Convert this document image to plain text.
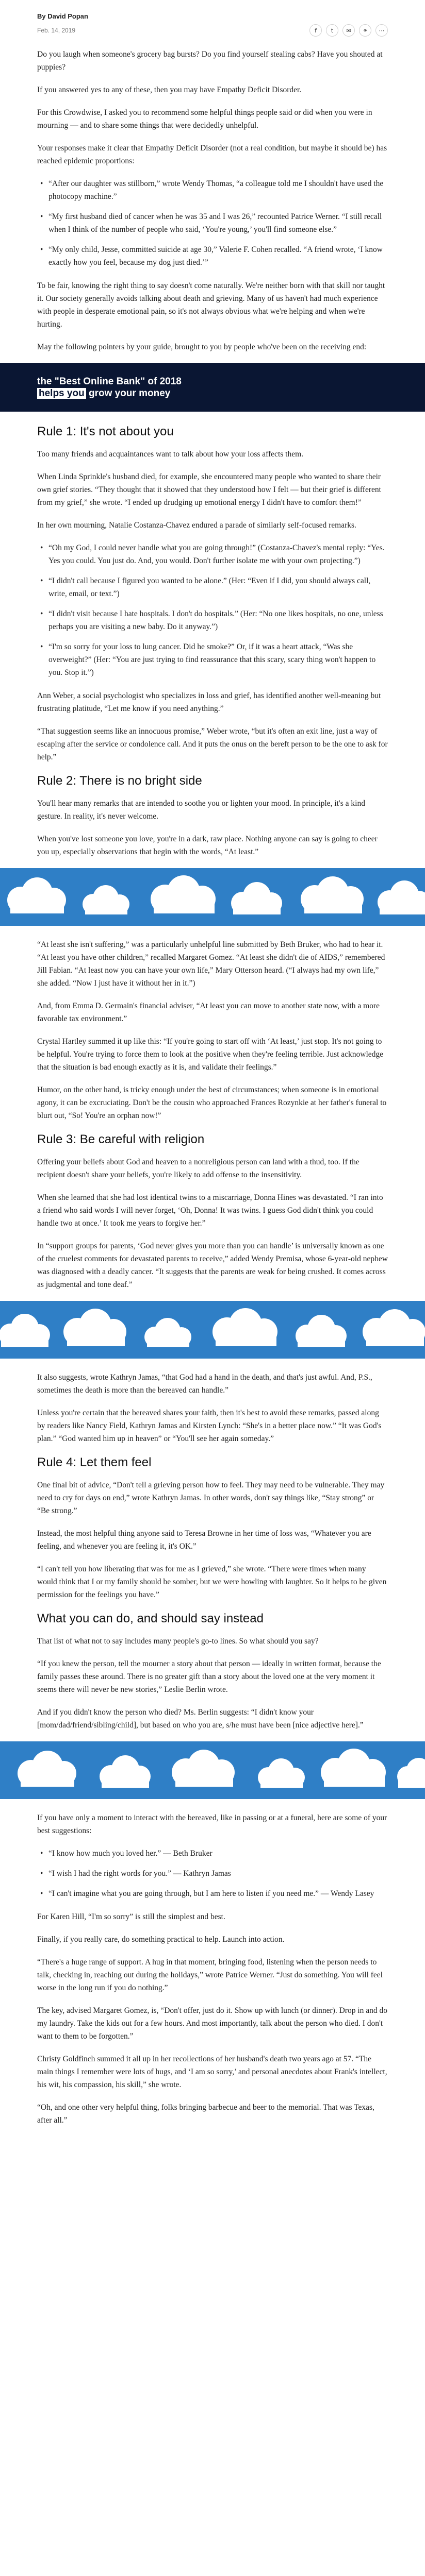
By David Popan
Feb. 14, 2019	f	t	✉	⚭	⋯

Do you laugh when someone's grocery bag bursts? Do you find yourself stealing cabs? Have you shouted at puppies?

If you answered yes to any of these, then you may have Empathy Deficit Disorder.

For this Crowdwise, I asked you to recommend some helpful things people said or did when you were in mourning — and to share some things that were decidedly unhelpful.

Your responses make it clear that Empathy Deficit Disorder (not a real condition, but maybe it should be) has reached epidemic proportions:

• “After our daughter was stillborn,” wrote Wendy Thomas, “a colleague told me I shouldn't have used the photocopy machine.”
• “My first husband died of cancer when he was 35 and I was 26,” recounted Patrice Werner. “I still recall when I think of the number of people who said, ‘You're young,’ you'll find someone else.”
• “My only child, Jesse, committed suicide at age 30,” Valerie F. Cohen recalled. “A friend wrote, ‘I know exactly how you feel, because my dog just died.’”

To be fair, knowing the right thing to say doesn't come naturally. We're neither born with that skill nor taught it. Our society generally avoids talking about death and grieving. Many of us haven't had much experience with people in desperate emotional pain, so it's not always obvious what we're helping and when we're hurting.

May the following pointers by your guide, brought to you by people who've been on the receiving end:

the "Best Online Bank" of 2018
helps you grow your money
Rule 1: It's not about you

Too many friends and acquaintances want to talk about how your loss affects them.

When Linda Sprinkle's husband died, for example, she encountered many people who wanted to share their own grief stories. “They thought that it showed that they understood how I felt — but their grief is different from my grief,” she wrote. “I ended up drudging up emotional energy I didn't have to comfort them!”

In her own mourning, Natalie Costanza-Chavez endured a parade of similarly self-focused remarks.

• “Oh my God, I could never handle what you are going through!” (Costanza-Chavez's mental reply: “Yes. Yes you could. You just do. And, you would. Don't further isolate me with your own projecting.”)
• “I didn't call because I figured you wanted to be alone.” (Her: “Even if I did, you should always call, write, email, or text.”)
• “I didn't visit because I hate hospitals. I don't do hospitals.” (Her: “No one likes hospitals, no one, unless perhaps you are visiting a new baby. Do it anyway.”)
• “I'm so sorry for your loss to lung cancer. Did he smoke?” Or, if it was a heart attack, “Was she overweight?” (Her: “You are just trying to find reassurance that this scary, scary thing won't happen to you. Stop it.”)

Ann Weber, a social psychologist who specializes in loss and grief, has identified another well-meaning but frustrating platitude, “Let me know if you need anything.”

“That suggestion seems like an innocuous promise,” Weber wrote, “but it's often an exit line, just a way of escaping after the service or condolence call. And it puts the onus on the bereft person to be the one to ask for help.”

Rule 2: There is no bright side

You'll hear many remarks that are intended to soothe you or lighten your mood. In principle, it's a kind gesture. In reality, it's never welcome.

When you've lost someone you love, you're in a dark, raw place. Nothing anyone can say is going to cheer you up, especially observations that begin with the words, “At least.”

“At least she isn't suffering,” was a particularly unhelpful line submitted by Beth Bruker, who had to hear it. “At least you have other children,” recalled Margaret Gomez. “At least she didn't die of AIDS,” remembered Jill Fabian. “At least now you can have your own life,” Mary Otterson heard. (“I always had my own life,” she added. “Now I just have it without her in it.”)

And, from Emma D. Germain's financial adviser, “At least you can move to another state now, with a more favorable tax environment.”

Crystal Hartley summed it up like this: “If you're going to start off with ‘At least,’ just stop. It's not going to be helpful. You're trying to force them to look at the positive when they're feeling terrible. Just acknowledge that the situation is bad enough exactly as it is, and validate their feelings.”

Humor, on the other hand, is tricky enough under the best of circumstances; when someone is in emotional agony, it can be excruciating. Don't be the cousin who approached Frances Rozynkie at her father's funeral to blurt out, “So! You're an orphan now!”

Rule 3: Be careful with religion

Offering your beliefs about God and heaven to a nonreligious person can land with a thud, too. If the recipient doesn't share your beliefs, you're likely to add offense to the insensitivity.

When she learned that she had lost identical twins to a miscarriage, Donna Hines was devastated. “I ran into a friend who said words I will never forget, ‘Oh, Donna! It was twins. I guess God didn't think you could handle two at once.’ It took me years to forgive her.”

In “support groups for parents, ‘God never gives you more than you can handle’ is universally known as one of the cruelest comments for devastated parents to receive,” added Wendy Premisa, whose 6-year-old nephew was diagnosed with a deadly cancer. “It suggests that the parents are weak for being crushed. It comes across as judgmental and tone deaf.”

It also suggests, wrote Kathryn Jamas, “that God had a hand in the death, and that's just awful. And, P.S., sometimes the death is more than the bereaved can handle.”

Unless you're certain that the bereaved shares your faith, then it's best to avoid these remarks, passed along by readers like Nancy Field, Kathryn Jamas and Kirsten Lynch: “She's in a better place now.” “It was God's plan.” “God wanted him up in heaven” or “You'll see her again someday.”

Rule 4: Let them feel

One final bit of advice, “Don't tell a grieving person how to feel. They may need to be vulnerable. They may need to cry for days on end,” wrote Kathryn Jamas. In other words, don't say things like, “Stay strong” or “Be strong.”

Instead, the most helpful thing anyone said to Teresa Browne in her time of loss was, “Whatever you are feeling, and whenever you are feeling it, it's OK.”

“I can't tell you how liberating that was for me as I grieved,” she wrote. “There were times when many would think that I or my family should be somber, but we were howling with laughter. So it helps to be given permission for the feelings you have.”

What you can do, and should say instead

That list of what not to say includes many people's go-to lines. So what should you say?

“If you knew the person, tell the mourner a story about that person — ideally in written format, because the family passes these around. There is no greater gift than a story about the loved one at the very moment it seems there will never be new stories,” Leslie Berlin wrote.

And if you didn't know the person who died? Ms. Berlin suggests: “I didn't know your [mom/dad/friend/sibling/child], but based on who you are, s/he must have been [nice adjective here].”

If you have only a moment to interact with the bereaved, like in passing or at a funeral, here are some of your best suggestions:

• “I know how much you loved her.” — Beth Bruker
• “I wish I had the right words for you.” — Kathryn Jamas
• “I can't imagine what you are going through, but I am here to listen if you need me.” — Wendy Lasey

For Karen Hill, “I'm so sorry” is still the simplest and best.

Finally, if you really care, do something practical to help. Launch into action.

“There's a huge range of support. A hug in that moment, bringing food, listening when the person needs to talk, checking in, reaching out during the holidays,” wrote Patrice Werner. “Just do something. You will feel worse in the long run if you do nothing.”

The key, advised Margaret Gomez, is, “Don't offer, just do it. Show up with lunch (or dinner). Drop in and do my laundry. Take the kids out for a few hours. And most importantly, talk about the person who died. I don't want to them to be forgotten.”

Christy Goldfinch summed it all up in her recollections of her husband's death two years ago at 57. “The main things I remember were lots of hugs, and ‘I am so sorry,’ and personal anecdotes about Frank's intellect, his wit, his compassion, his skill,” she wrote.

“Oh, and one other very helpful thing, folks bringing barbecue and beer to the memorial. That was Texas, after all.”
